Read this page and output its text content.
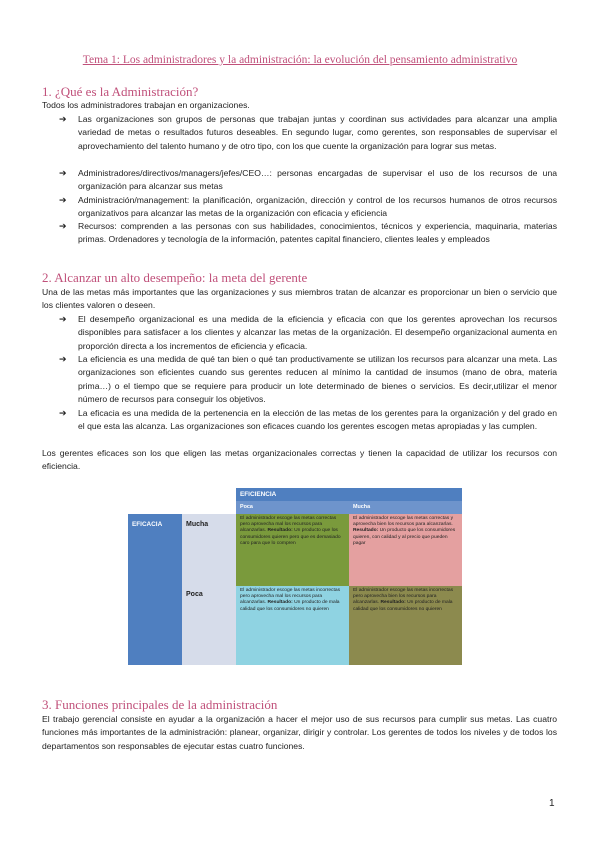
Tema 1: Los administradores y la administración: la evolución del pensamiento administrativo
1. ¿Qué es la Administración?

Todos los administradores trabajan en organizaciones.

➔ Las organizaciones son grupos de personas que trabajan juntas y coordinan sus actividades para alcanzar una amplia variedad de metas o resultados futuros deseables. En segundo lugar, como gerentes, son responsables de supervisar el aprovechamiento del talento humano y de otro tipo, con los que cuente la organización para lograr sus metas.

➔ Administradores/directivos/managers/jefes/CEO…: personas encargadas de supervisar el uso de los recursos de una organización para alcanzar sus metas

➔ Administración/management: la planificación, organización, dirección y control de los recursos humanos de otros recursos organizativos para alcanzar las metas de la organización con eficacia y eficiencia

➔ Recursos: comprenden a las personas con sus habilidades, conocimientos, técnicos y experiencia, maquinaria, materias primas. Ordenadores y tecnología de la información, patentes capital financiero, clientes leales y empleados

2. Alcanzar un alto desempeño: la meta del gerente

Una de las metas más importantes que las organizaciones y sus miembros tratan de alcanzar es proporcionar un bien o servicio que los clientes valoren o deseen.

➔ El desempeño organizacional es una medida de la eficiencia y eficacia con que los gerentes aprovechan los recursos disponibles para satisfacer a los clientes y alcanzar las metas de la organización. El desempeño organizacional aumenta en proporción directa a los incrementos de eficiencia y eficacia.

➔ La eficiencia es una medida de qué tan bien o qué tan productivamente se utilizan los recursos para alcanzar una meta. Las organizaciones son eficientes cuando sus gerentes reducen al mínimo la cantidad de insumos (mano de obra, materia prima…) o el tiempo que se requiere para producir un lote determinado de bienes o servicios. Es decir,utilizar el menor número de recursos para conseguir los objetivos.

➔ La eficacia es una medida de la pertenencia en la elección de las metas de los gerentes para la organización y del grado en el que esta las alcanza. Las organizaciones son eficaces cuando los gerentes escogen metas apropiadas y las cumplen.

Los gerentes eficaces son los que eligen las metas organizacionales correctas y tienen la capacidad de utilizar los recursos con eficiencia.

EFICIENCIA
Poca	Mucha
EFICACIA	Mucha
Poca
El administrador escoge las metas correctas pero aprovecha mal los recursos para alcanzarlas. Resultado: Un producto que los consumidores quieren pero que es demasiado caro para que lo compren
El administrador escoge las metas correctas y aprovecha bien los recursos para alcanzarlas. Resultado: Un producto que los consumidores quieren, con calidad y al precio que pueden pagar
El administrador escoge las metas incorrectas pero aprovecha mal los recursos para alcanzarlas. Resultado: Un producto de mala calidad que los consumidores no quieren
El administrador escoge las metas incorrectas pero aprovecha bien los recursos para alcanzarlas. Resultado: Un producto de mala calidad que los consumidores no quieren
3. Funciones principales de la administración

El trabajo gerencial consiste en ayudar a la organización a hacer el mejor uso de sus recursos para cumplir sus metas. Las cuatro funciones más importantes de la administración: planear, organizar, dirigir y controlar. Los gerentes de todos los niveles y de todos los departamentos son responsables de ejecutar estas cuatro funciones.

1
